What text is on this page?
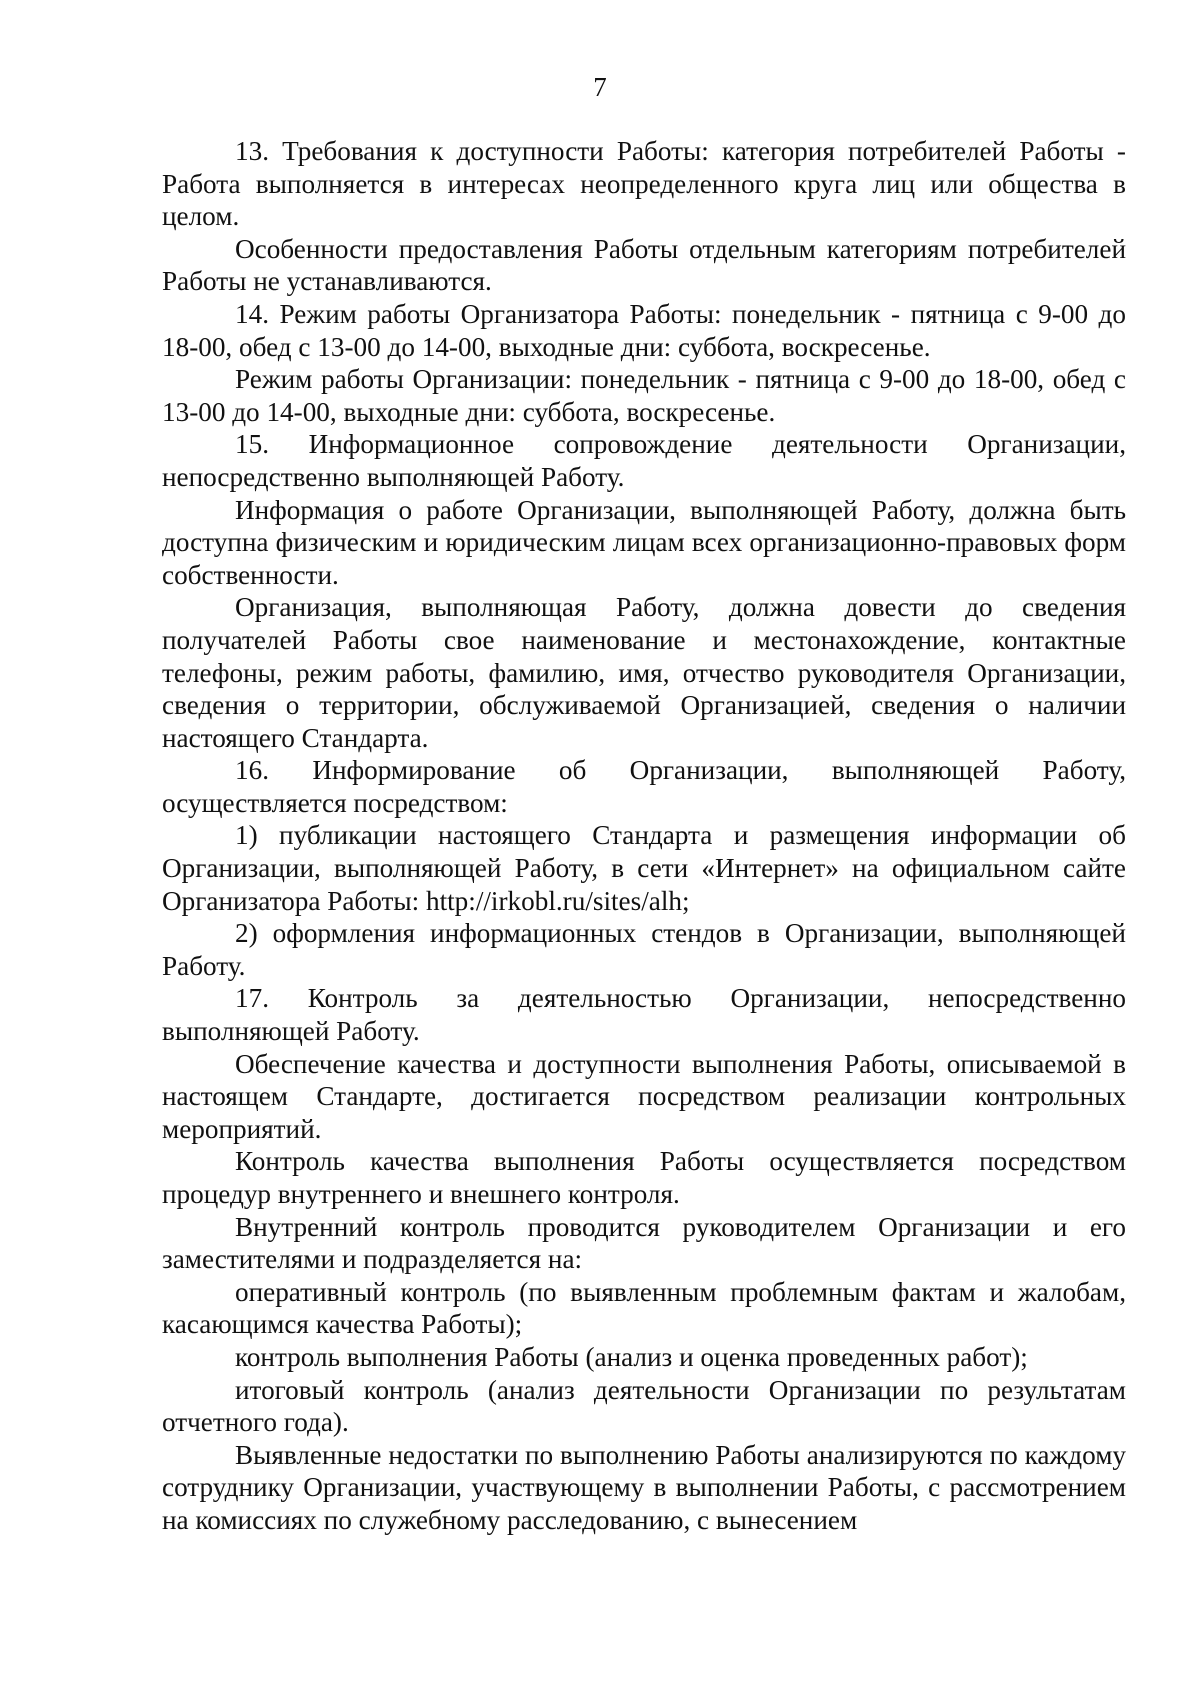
7

13. Требования к доступности Работы: категория потребителей Работы - Работа выполняется в интересах неопределенного круга лиц или общества в целом.

Особенности предоставления Работы отдельным категориям потребителей Работы не устанавливаются.

14. Режим работы Организатора Работы: понедельник - пятница с 9-00 до 18-00, обед с 13-00 до 14-00, выходные дни: суббота, воскресенье.

Режим работы Организации: понедельник - пятница с 9-00 до 18-00, обед с 13-00 до 14-00, выходные дни: суббота, воскресенье.

15. Информационное сопровождение деятельности Организации, непосредственно выполняющей Работу.

Информация о работе Организации, выполняющей Работу, должна быть доступна физическим и юридическим лицам всех организационно-правовых форм собственности.

Организация, выполняющая Работу, должна довести до сведения получателей Работы свое наименование и местонахождение, контактные телефоны, режим работы, фамилию, имя, отчество руководителя Организации, сведения о территории, обслуживаемой Организацией, сведения о наличии настоящего Стандарта.

16. Информирование об Организации, выполняющей Работу, осуществляется посредством:

1) публикации настоящего Стандарта и размещения информации об Организации, выполняющей Работу, в сети «Интернет» на официальном сайте Организатора Работы: http://irkobl.ru/sites/alh;

2) оформления информационных стендов в Организации, выполняющей Работу.

17. Контроль за деятельностью Организации, непосредственно выполняющей Работу.

Обеспечение качества и доступности выполнения Работы, описываемой в настоящем Стандарте, достигается посредством реализации контрольных мероприятий.

Контроль качества выполнения Работы осуществляется посредством процедур внутреннего и внешнего контроля.

Внутренний контроль проводится руководителем Организации и его заместителями и подразделяется на:

оперативный контроль (по выявленным проблемным фактам и жалобам, касающимся качества Работы);

контроль выполнения Работы (анализ и оценка проведенных работ);

итоговый контроль (анализ деятельности Организации по результатам отчетного года).

Выявленные недостатки по выполнению Работы анализируются по каждому сотруднику Организации, участвующему в выполнении Работы, с рассмотрением на комиссиях по служебному расследованию, с вынесением
